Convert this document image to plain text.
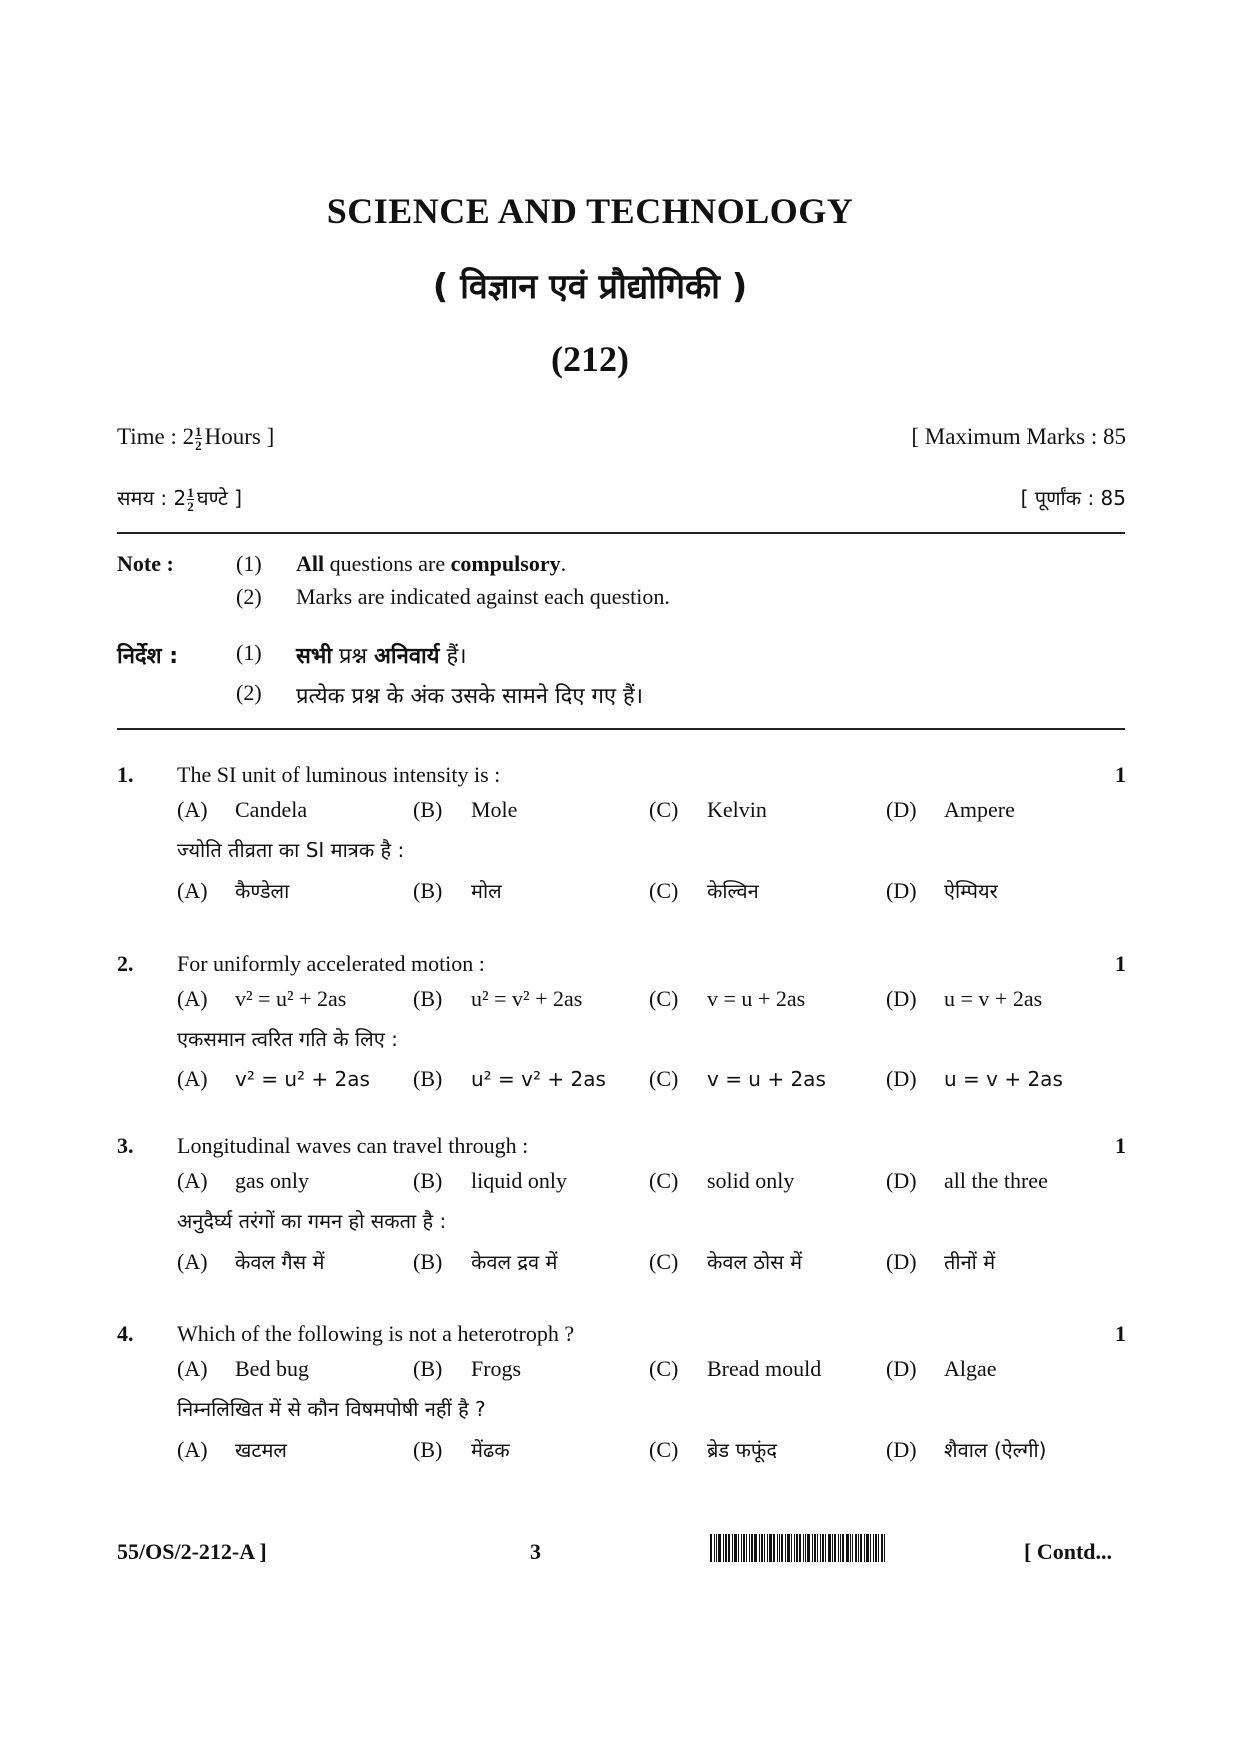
SCIENCE AND TECHNOLOGY
( विज्ञान एवं प्रौद्योगिकी )
(212)
Time : $2 \frac{1}{2}$ Hours ]	[ Maximum Marks : 85
समय : $2 \frac{1}{2}$ घण्टे ]	[ पूर्णांक : 85
Note :	(1) All questions are compulsory.
(2) Marks are indicated against each question.
निर्देश :	(1) सभी प्रश्न अनिवार्य हैं।
(2) प्रत्येक प्रश्न के अंक उसके सामने दिए गए हैं।
1. The SI unit of luminous intensity is :	1
ज्योति तीव्रता का SI मात्रक है :
(A) Candela	(B) Mole	(C) Kelvin	(D) Ampere
(A) कैण्डेला	(B) मोल	(C) केल्विन	(D) ऐम्पियर
2. For uniformly accelerated motion :	1
एकसमान त्वरित गति के लिए :
(A) v² = u² + 2as	(B) u² = v² + 2as	(C) v = u + 2as	(D) u = v + 2as
(A) v² = u² + 2as (B) u² = v² + 2as (C) v = u + 2as	(D) u = v + 2as
3. Longitudinal waves can travel through :	1
अनुदैर्घ्य तरंगों का गमन हो सकता है :
(A) gas only	(B) liquid only	(C) solid only	(D) all the three
(A) केवल गैस में	(B) केवल द्रव में	(C) केवल ठोस में	(D) तीनों में
4. Which of the following is not a heterotroph ?	1
निम्नलिखित में से कौन विषमपोषी नहीं है ?
(A) Bed bug	(B) Frogs	(C) Bread mould	(D) Algae
(A) खटमल	(B) मेंढक	(C) ब्रेड फफूंद	(D) शैवाल (ऐल्गी)
55/OS/2-212-A ]	3	[ Contd...
